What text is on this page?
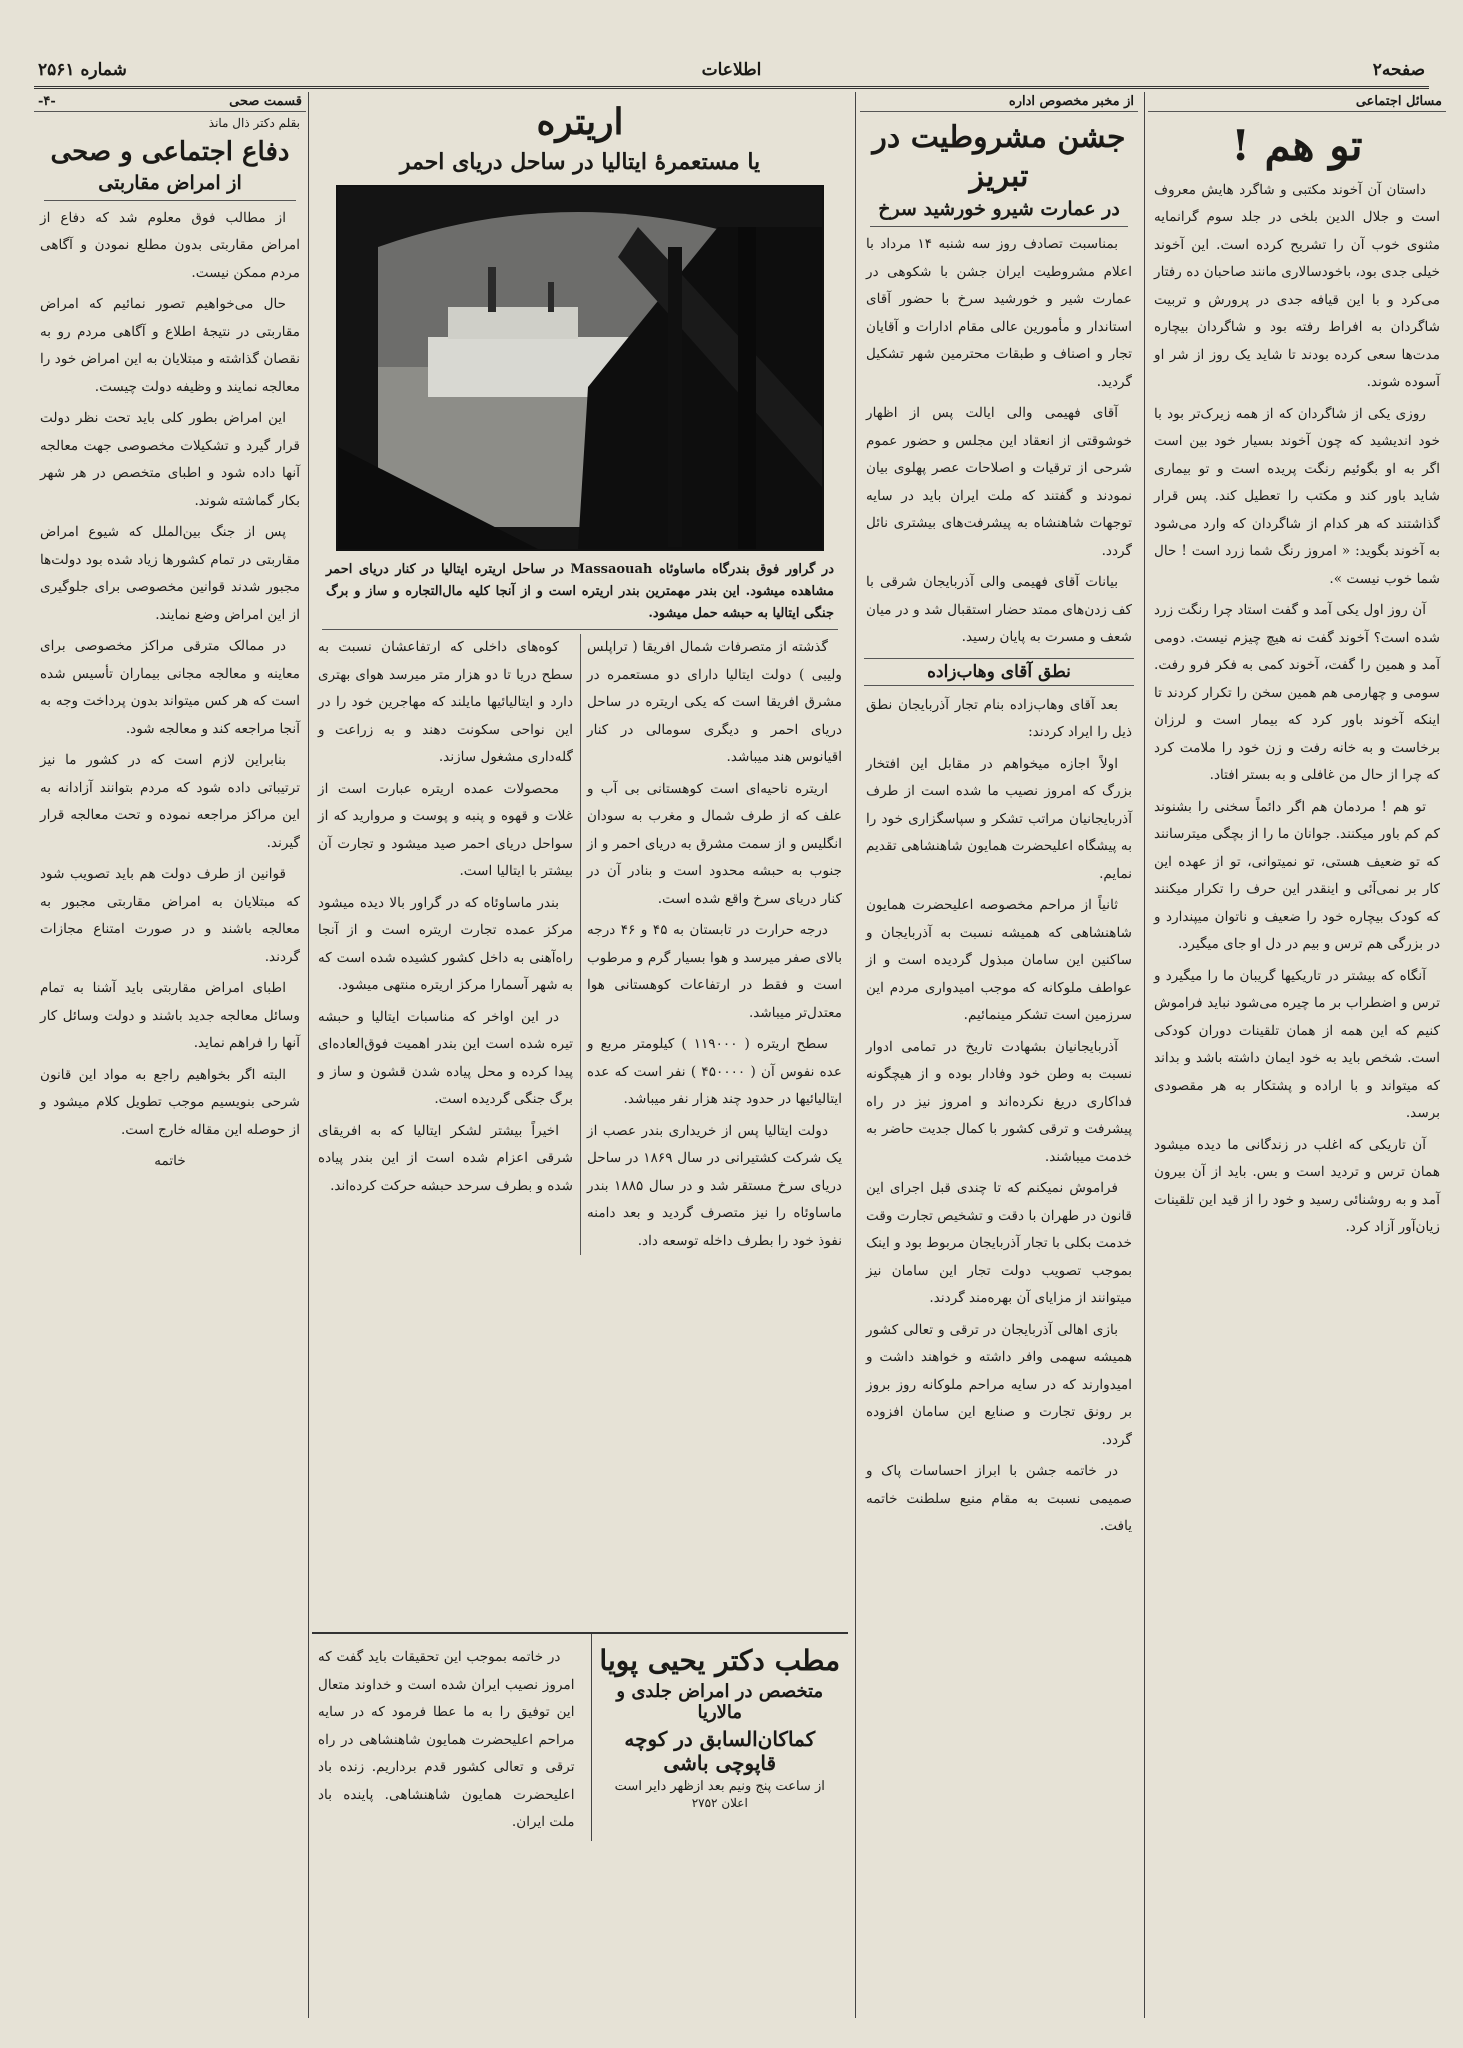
صفحه۲
اطلاعات
شماره ۲۵۶۱
مسائل اجتماعی
تو هم !

داستان آن آخوند مکتبی و شاگرد هایش معروف است و جلال الدین بلخی در جلد سوم گرانمایه مثنوی خوب آن را تشریح کرده است. این آخوند خیلی جدی بود، باخودسالاری مانند صاحبان ده رفتار می‌کرد و با این قیافه جدی در پرورش و تربیت شاگردان به افراط رفته بود و شاگردان بیچاره مدت‌ها سعی کرده بودند تا شاید یک روز از شر او آسوده شوند.

روزی یکی از شاگردان که از همه زیرک‌تر بود با خود اندیشید که چون آخوند بسیار خود بین است اگر به او بگوئیم رنگت پریده است و تو بیماری شاید باور کند و مکتب را تعطیل کند. پس قرار گذاشتند که هر کدام از شاگردان که وارد می‌شود به آخوند بگوید: « امروز رنگ شما زرد است ! حال شما خوب نیست ».

آن روز اول یکی آمد و گفت استاد چرا رنگت زرد شده است؟ آخوند گفت نه هیچ چیزم نیست. دومی آمد و همین را گفت، آخوند کمی به فکر فرو رفت. سومی و چهارمی هم همین سخن را تکرار کردند تا اینکه آخوند باور کرد که بیمار است و لرزان برخاست و به خانه رفت و زن خود را ملامت کرد که چرا از حال من غافلی و به بستر افتاد.

تو هم ! مردمان هم اگر دائماً سخنی را بشنوند کم کم باور میکنند. جوانان ما را از بچگی میترسانند که تو ضعیف هستی، تو نمیتوانی، تو از عهده این کار بر نمی‌آئی و اینقدر این حرف را تکرار میکنند که کودک بیچاره خود را ضعیف و ناتوان میپندارد و در بزرگی هم ترس و بیم در دل او جای میگیرد.

آنگاه که بیشتر در تاریکیها گریبان ما را میگیرد و ترس و اضطراب بر ما چیره می‌شود نباید فراموش کنیم که این همه از همان تلقینات دوران کودکی است. شخص باید به خود ایمان داشته باشد و بداند که میتواند و با اراده و پشتکار به هر مقصودی برسد.

آن تاریکی که اغلب در زندگانی ما دیده میشود همان ترس و تردید است و بس. باید از آن بیرون آمد و به روشنائی رسید و خود را از قید این تلقینات زیان‌آور آزاد کرد.

از مخبر مخصوص اداره
جشن مشروطیت در تبریز
در عمارت شیرو خورشید سرخ

بمناسبت تصادف روز سه شنبه ۱۴ مرداد با اعلام مشروطیت ایران جشن با شکوهی در عمارت شیر و خورشید سرخ با حضور آقای استاندار و مأمورین عالی مقام ادارات و آقایان تجار و اصناف و طبقات محترمین شهر تشکیل گردید.

آقای فهیمی والی ایالت پس از اظهار خوشوقتی از انعقاد این مجلس و حضور عموم شرحی از ترقیات و اصلاحات عصر پهلوی بیان نمودند و گفتند که ملت ایران باید در سایه توجهات شاهنشاه به پیشرفت‌های بیشتری نائل گردد.

بیانات آقای فهیمی والی آذربایجان شرقی با کف زدن‌های ممتد حضار استقبال شد و در میان شعف و مسرت به پایان رسید.

نطق آقای وهاب‌زاده

بعد آقای وهاب‌زاده بنام تجار آذربایجان نطق ذیل را ایراد کردند:

اولاً اجازه میخواهم در مقابل این افتخار بزرگ که امروز نصیب ما شده است از طرف آذربایجانیان مراتب تشکر و سپاسگزاری خود را به پیشگاه اعلیحضرت همایون شاهنشاهی تقدیم نمایم.

ثانیاً از مراحم مخصوصه اعلیحضرت همایون شاهنشاهی که همیشه نسبت به آذربایجان و ساکنین این سامان مبذول گردیده است و از عواطف ملوکانه که موجب امیدواری مردم این سرزمین است تشکر مینمائیم.

آذربایجانیان بشهادت تاریخ در تمامی ادوار نسبت به وطن خود وفادار بوده و از هیچگونه فداکاری دریغ نکرده‌اند و امروز نیز در راه پیشرفت و ترقی کشور با کمال جدیت حاضر به خدمت میباشند.

فراموش نمیکنم که تا چندی قبل اجرای این قانون در طهران با دقت و تشخیص تجارت وقت خدمت بکلی با تجار آذربایجان مربوط بود و اینک بموجب تصویب دولت تجار این سامان نیز میتوانند از مزایای آن بهره‌مند گردند.

بازی اهالی آذربایجان در ترقی و تعالی کشور همیشه سهمی وافر داشته و خواهند داشت و امیدوارند که در سایه مراحم ملوکانه روز بروز بر رونق تجارت و صنایع این سامان افزوده گردد.

در خاتمه جشن با ابراز احساسات پاک و صمیمی نسبت به مقام منیع سلطنت خاتمه یافت.

اریتره
یا مستعمرهٔ ایتالیا در ساحل دریای احمر
در گراور فوق بندرگاه ماساوئاه Massaouah در ساحل اریتره ایتالیا در کنار دریای احمر مشاهده میشود. این بندر مهمترین بندر اریتره است و از آنجا کلیه مال‌التجاره و ساز و برگ جنگی ایتالیا به حبشه حمل میشود.

گذشته از متصرفات شمال افریقا ( تراپلس ولیبی ) دولت ایتالیا دارای دو مستعمره در مشرق افریقا است که یکی اریتره در ساحل دریای احمر و دیگری سومالی در کنار اقیانوس هند میباشد.

اریتره ناحیه‌ای است کوهستانی بی آب و علف که از طرف شمال و مغرب به سودان انگلیس و از سمت مشرق به دریای احمر و از جنوب به حبشه محدود است و بنادر آن در کنار دریای سرخ واقع شده است.

درجه حرارت در تابستان به ۴۵ و ۴۶ درجه بالای صفر میرسد و هوا بسیار گرم و مرطوب است و فقط در ارتفاعات کوهستانی هوا معتدل‌تر میباشد.

سطح اریتره ( ۱۱۹۰۰۰ ) کیلومتر مربع و عده نفوس آن ( ۴۵۰۰۰۰ ) نفر است که عده ایتالیائیها در حدود چند هزار نفر میباشد.

دولت ایتالیا پس از خریداری بندر عصب از یک شرکت کشتیرانی در سال ۱۸۶۹ در ساحل دریای سرخ مستقر شد و در سال ۱۸۸۵ بندر ماساوئاه را نیز متصرف گردید و بعد دامنه نفوذ خود را بطرف داخله توسعه داد.

کوه‌های داخلی که ارتفاعشان نسبت به سطح دریا تا دو هزار متر میرسد هوای بهتری دارد و ایتالیائیها مایلند که مهاجرین خود را در این نواحی سکونت دهند و به زراعت و گله‌داری مشغول سازند.

محصولات عمده اریتره عبارت است از غلات و قهوه و پنبه و پوست و مروارید که از سواحل دریای احمر صید میشود و تجارت آن بیشتر با ایتالیا است.

بندر ماساوئاه که در گراور بالا دیده میشود مرکز عمده تجارت اریتره است و از آنجا راه‌آهنی به داخل کشور کشیده شده است که به شهر آسمارا مرکز اریتره منتهی میشود.

در این اواخر که مناسبات ایتالیا و حبشه تیره شده است این بندر اهمیت فوق‌العاده‌ای پیدا کرده و محل پیاده شدن قشون و ساز و برگ جنگی گردیده است.

اخیراً بیشتر لشکر ایتالیا که به افریقای شرقی اعزام شده است از این بندر پیاده شده و بطرف سرحد حبشه حرکت کرده‌اند.

مطب دکتر یحیی پویا
متخصص در امراض جلدی و مالاریا
کماکان‌السابق در کوچه قاپوچی باشی
از ساعت پنج ونیم بعد ازظهر دایر است
اعلان ۲۷۵۲

در خاتمه بموجب این تحقیقات باید گفت که امروز نصیب ایران شده است و خداوند متعال این توفیق را به ما عطا فرمود که در سایه مراحم اعلیحضرت همایون شاهنشاهی در راه ترقی و تعالی کشور قدم برداریم. زنده باد اعلیحضرت همایون شاهنشاهی. پاینده باد ملت ایران.

قسمت صحی
-۴-
بقلم دکتر ذال مانذ
دفاع اجتماعی و صحی
از امراض مقاربتی

از مطالب فوق معلوم شد که دفاع از امراض مقاربتی بدون مطلع نمودن و آگاهی مردم ممکن نیست.

حال می‌خواهیم تصور نمائیم که امراض مقاربتی در نتیجهٔ اطلاع و آگاهی مردم رو به نقصان گذاشته و مبتلایان به این امراض خود را معالجه نمایند و وظیفه دولت چیست.

این امراض بطور کلی باید تحت نظر دولت قرار گیرد و تشکیلات مخصوصی جهت معالجه آنها داده شود و اطبای متخصص در هر شهر بکار گماشته شوند.

پس از جنگ بین‌الملل که شیوع امراض مقاربتی در تمام کشورها زیاد شده بود دولت‌ها مجبور شدند قوانین مخصوصی برای جلوگیری از این امراض وضع نمایند.

در ممالک مترقی مراکز مخصوصی برای معاینه و معالجه مجانی بیماران تأسیس شده است که هر کس میتواند بدون پرداخت وجه به آنجا مراجعه کند و معالجه شود.

بنابراین لازم است که در کشور ما نیز ترتیباتی داده شود که مردم بتوانند آزادانه به این مراکز مراجعه نموده و تحت معالجه قرار گیرند.

قوانین از طرف دولت هم باید تصویب شود که مبتلایان به امراض مقاربتی مجبور به معالجه باشند و در صورت امتناع مجازات گردند.

اطبای امراض مقاربتی باید آشنا به تمام وسائل معالجه جدید باشند و دولت وسائل کار آنها را فراهم نماید.

البته اگر بخواهیم راجع به مواد این قانون شرحی بنویسیم موجب تطویل کلام میشود و از حوصله این مقاله خارج است.

خاتمه
